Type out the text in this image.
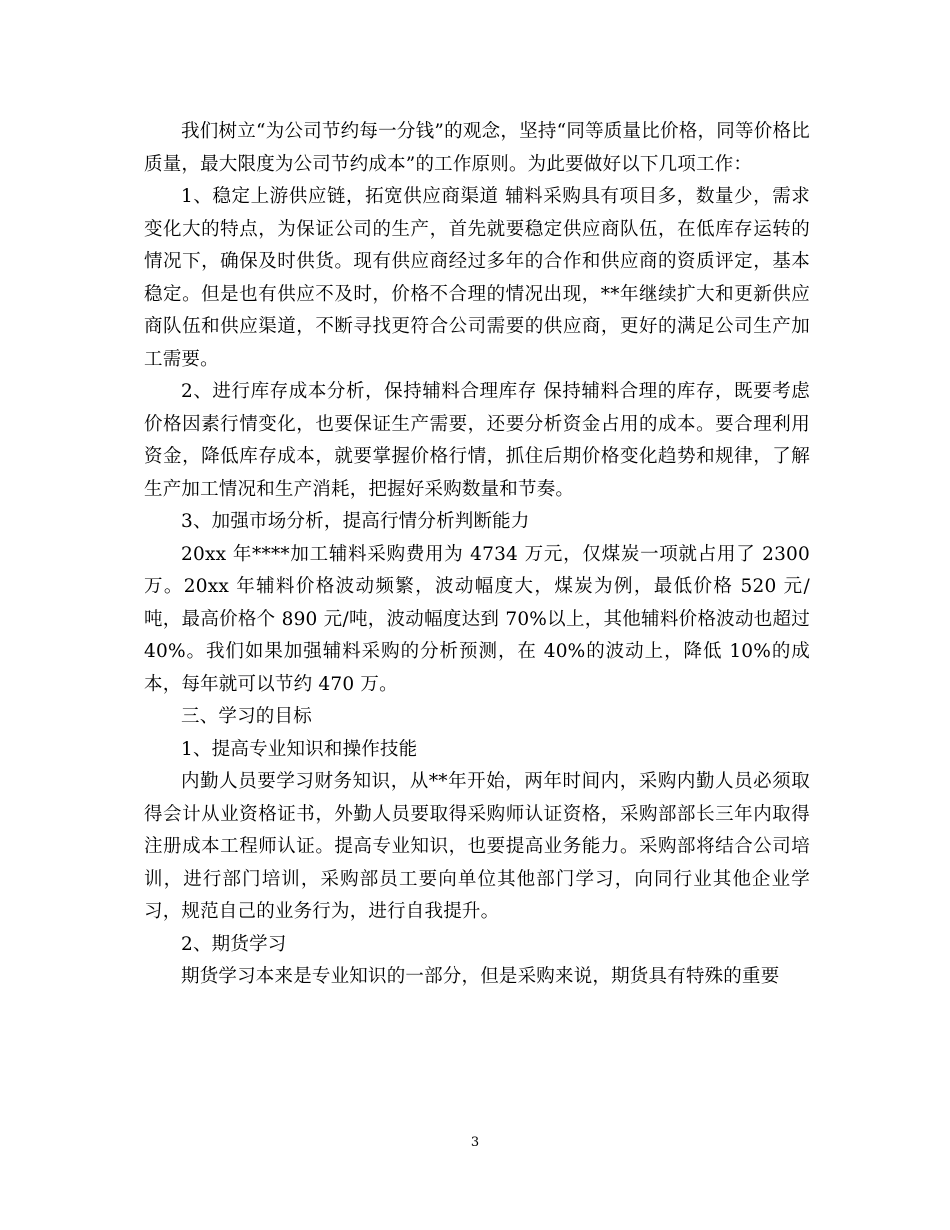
我们树立“为公司节约每一分钱”的观念，坚持“同等质量比价格，同等价格比质量，最大限度为公司节约成本”的工作原则。为此要做好以下几项工作：

1、稳定上游供应链，拓宽供应商渠道 辅料采购具有项目多，数量少，需求变化大的特点，为保证公司的生产，首先就要稳定供应商队伍，在低库存运转的情况下，确保及时供货。现有供应商经过多年的合作和供应商的资质评定，基本稳定。但是也有供应不及时，价格不合理的情况出现，**年继续扩大和更新供应商队伍和供应渠道，不断寻找更符合公司需要的供应商，更好的满足公司生产加工需要。

2、进行库存成本分析，保持辅料合理库存 保持辅料合理的库存，既要考虑价格因素行情变化，也要保证生产需要，还要分析资金占用的成本。要合理利用资金，降低库存成本，就要掌握价格行情，抓住后期价格变化趋势和规律，了解生产加工情况和生产消耗，把握好采购数量和节奏。

3、加强市场分析，提高行情分析判断能力

20xx 年****加工辅料采购费用为 4734 万元，仅煤炭一项就占用了 2300 万。20xx 年辅料价格波动频繁，波动幅度大，煤炭为例，最低价格 520 元/吨，最高价格个 890 元/吨，波动幅度达到 70%以上，其他辅料价格波动也超过 40%。我们如果加强辅料采购的分析预测，在 40%的波动上，降低 10%的成本，每年就可以节约 470 万。

三、学习的目标

1、提高专业知识和操作技能

内勤人员要学习财务知识，从**年开始，两年时间内，采购内勤人员必须取得会计从业资格证书，外勤人员要取得采购师认证资格，采购部部长三年内取得注册成本工程师认证。提高专业知识，也要提高业务能力。采购部将结合公司培训，进行部门培训，采购部员工要向单位其他部门学习，向同行业其他企业学习，规范自己的业务行为，进行自我提升。

2、期货学习

期货学习本来是专业知识的一部分，但是采购来说，期货具有特殊的重要

3
